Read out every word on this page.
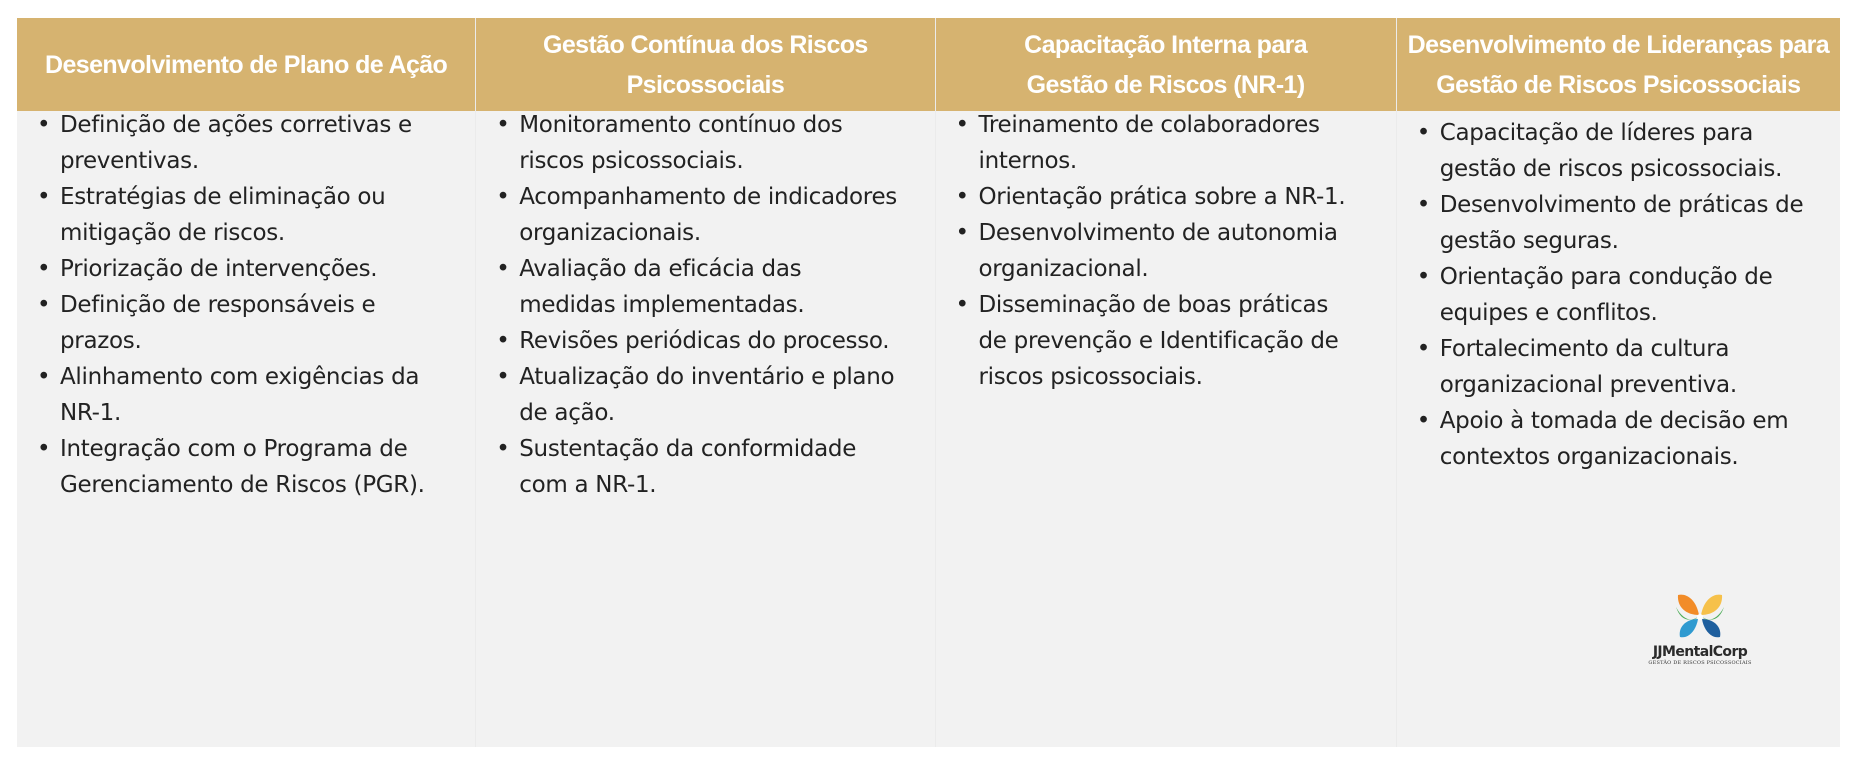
Desenvolvimento de Plano de Ação
• Definição de ações corretivas e
preventivas.
• Estratégias de eliminação ou
mitigação de riscos.
• Priorização de intervenções.
• Definição de responsáveis e
prazos.
• Alinhamento com exigências da
NR-1.
• Integração com o Programa de
Gerenciamento de Riscos (PGR).
Gestão Contínua dos Riscos
Psicossociais
• Monitoramento contínuo dos
riscos psicossociais.
• Acompanhamento de indicadores
organizacionais.
• Avaliação da eficácia das
medidas implementadas.
• Revisões periódicas do processo.
• Atualização do inventário e plano
de ação.
• Sustentação da conformidade
com a NR-1.
Capacitação Interna para
Gestão de Riscos (NR-1)
• Treinamento de colaboradores
internos.
• Orientação prática sobre a NR-1.
• Desenvolvimento de autonomia
organizacional.
• Disseminação de boas práticas
de prevenção e Identificação de
riscos psicossociais.
Desenvolvimento de Lideranças para
Gestão de Riscos Psicossociais
• Capacitação de líderes para
gestão de riscos psicossociais.
• Desenvolvimento de práticas de
gestão seguras.
• Orientação para condução de
equipes e conflitos.
• Fortalecimento da cultura
organizacional preventiva.
• Apoio à tomada de decisão em
contextos organizacionais.
JJMentalCorp
GESTÃO DE RISCOS PSICOSSOCIAIS
